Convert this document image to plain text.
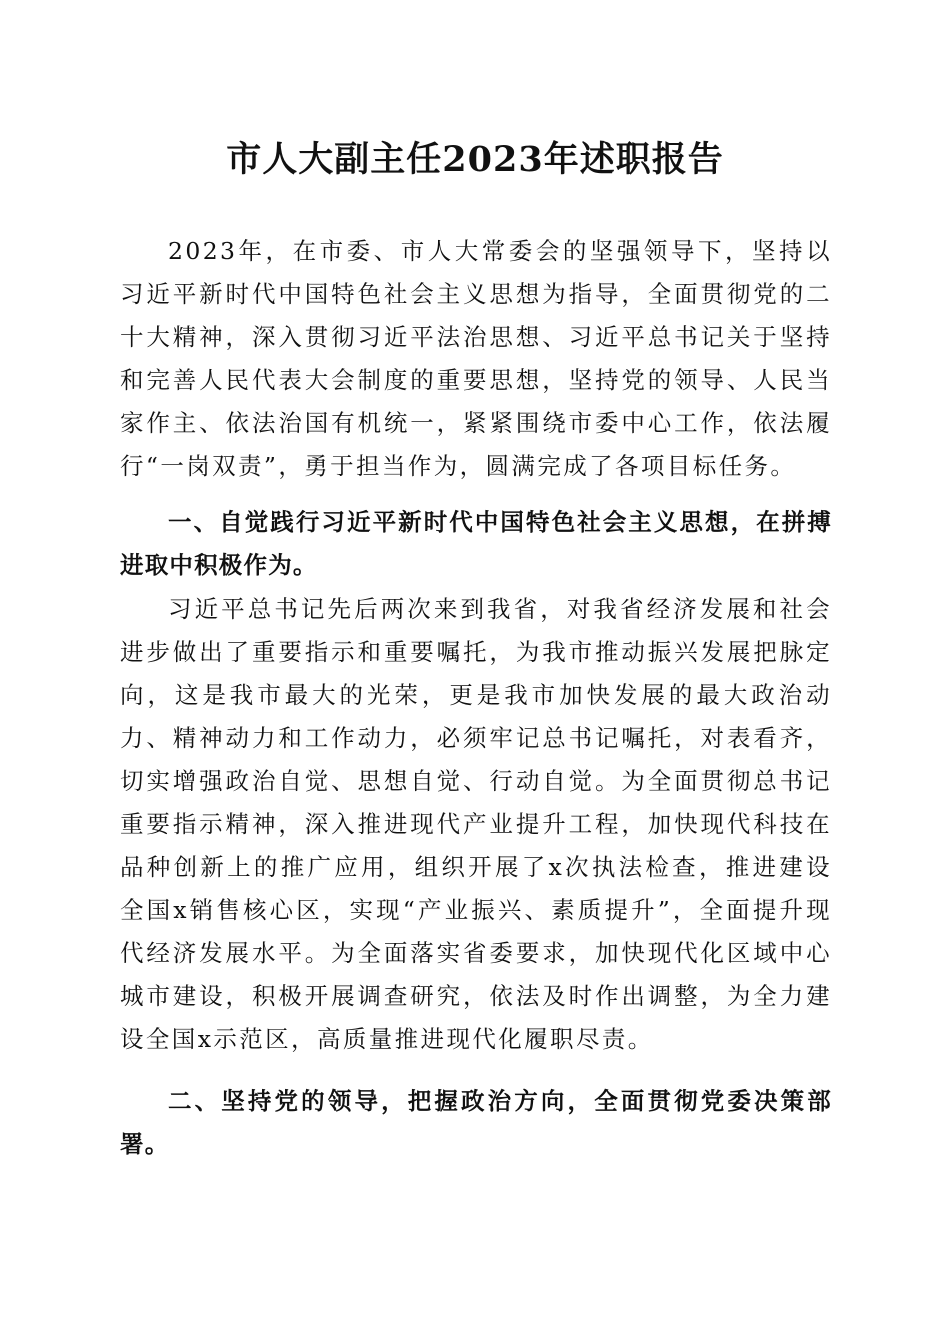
市人大副主任2023年述职报告

2023年，在市委、市人大常委会的坚强领导下，坚持以习近平新时代中国特色社会主义思想为指导，全面贯彻党的二十大精神，深入贯彻习近平法治思想、习近平总书记关于坚持和完善人民代表大会制度的重要思想，坚持党的领导、人民当家作主、依法治国有机统一，紧紧围绕市委中心工作，依法履行“一岗双责”，勇于担当作为，圆满完成了各项目标任务。

一、自觉践行习近平新时代中国特色社会主义思想，在拼搏进取中积极作为。

习近平总书记先后两次来到我省，对我省经济发展和社会进步做出了重要指示和重要嘱托，为我市推动振兴发展把脉定向，这是我市最大的光荣，更是我市加快发展的最大政治动力、精神动力和工作动力，必须牢记总书记嘱托，对表看齐，切实增强政治自觉、思想自觉、行动自觉。为全面贯彻总书记重要指示精神，深入推进现代产业提升工程，加快现代科技在品种创新上的推广应用，组织开展了x次执法检查，推进建设全国x销售核心区，实现“产业振兴、素质提升”，全面提升现代经济发展水平。为全面落实省委要求，加快现代化区域中心城市建设，积极开展调查研究，依法及时作出调整，为全力建设全国x示范区，高质量推进现代化履职尽责。

二、坚持党的领导，把握政治方向，全面贯彻党委决策部署。
